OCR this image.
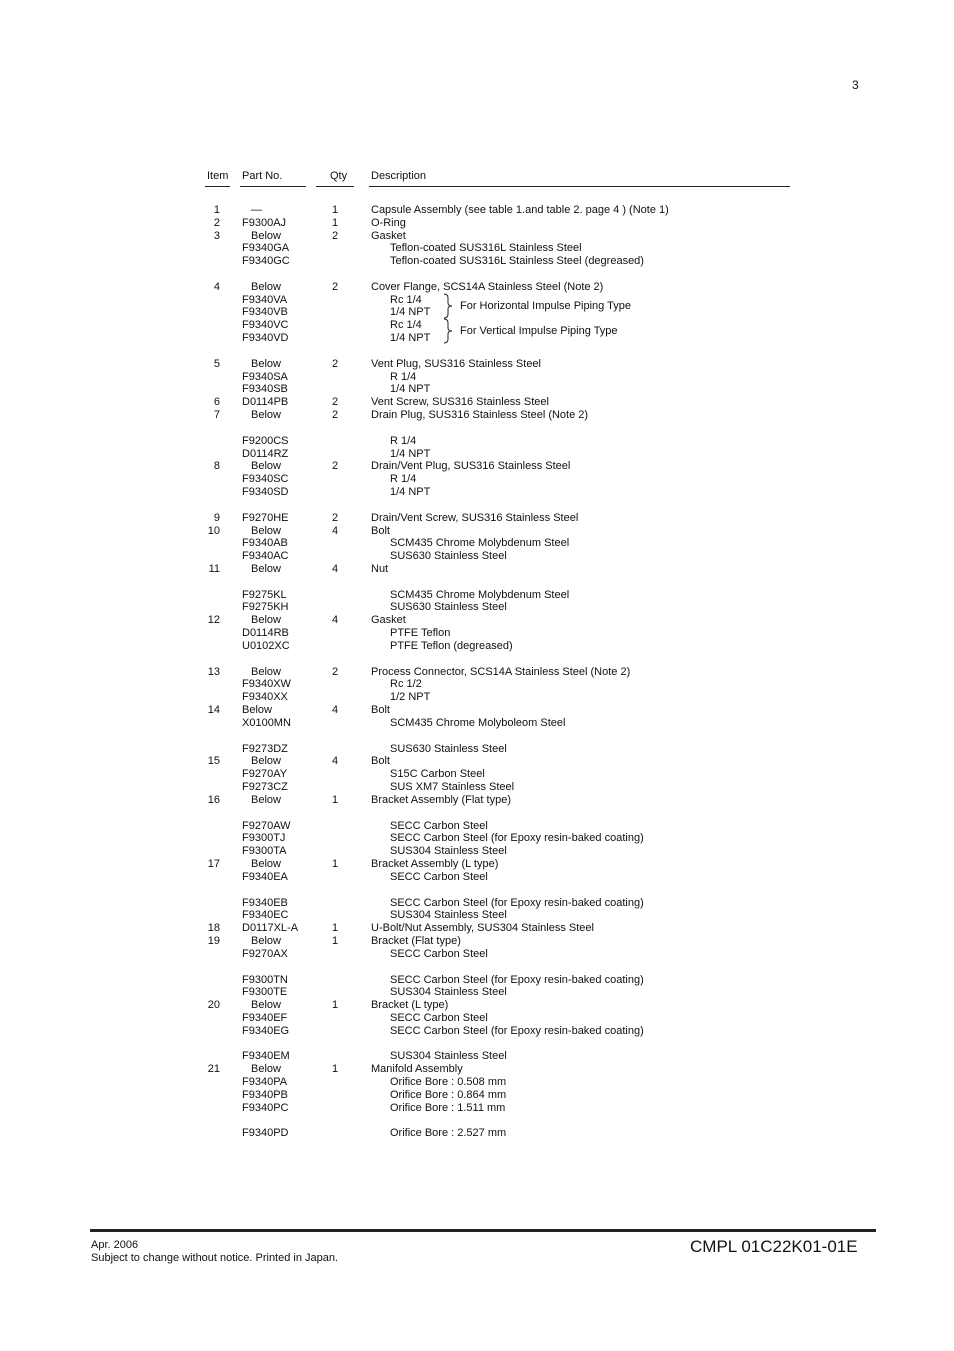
3
Item Part No.	Qty Description
1	—	1	Capsule Assembly (see table 1.and table 2. page 4 ) (Note 1)
2 F9300AJ	1	O-Ring
3	Below	2	Gasket
F9340GA	Teflon-coated SUS316L Stainless Steel
F9340GC	Teflon-coated SUS316L Stainless Steel (degreased)
4	Below	2	Cover Flange, SCS14A Stainless Steel (Note 2)
F9340VA	Rc 1/4
F9340VB	1/4 NPT
F9340VC	Rc 1/4
F9340VD	1/4 NPT
5	Below	2	Vent Plug, SUS316 Stainless Steel
F9340SA	R 1/4
F9340SB	1/4 NPT
6 D0114PB	2	Vent Screw, SUS316 Stainless Steel
7	Below	2	Drain Plug, SUS316 Stainless Steel (Note 2)
F9200CS	R 1/4
D0114RZ	1/4 NPT
8	Below	2	Drain/Vent Plug, SUS316 Stainless Steel
F9340SC	R 1/4
F9340SD	1/4 NPT
9 F9270HE	2	Drain/Vent Screw, SUS316 Stainless Steel
10	Below	4	Bolt
F9340AB	SCM435 Chrome Molybdenum Steel
F9340AC	SUS630 Stainless Steel
11	Below	4	Nut
F9275KL	SCM435 Chrome Molybdenum Steel
F9275KH	SUS630 Stainless Steel
12	Below	4	Gasket
D0114RB	PTFE Teflon
U0102XC	PTFE Teflon (degreased)
13	Below	2	Process Connector, SCS14A Stainless Steel (Note 2)
F9340XW	Rc 1/2
F9340XX	1/2 NPT
14 Below	4	Bolt
X0100MN	SCM435 Chrome Molyboleom Steel
F9273DZ	SUS630 Stainless Steel
15	Below	4	Bolt
F9270AY	S15C Carbon Steel
F9273CZ	SUS XM7 Stainless Steel
16	Below	1	Bracket Assembly (Flat type)
F9270AW	SECC Carbon Steel
F9300TJ	SECC Carbon Steel (for Epoxy resin-baked coating)
F9300TA	SUS304 Stainless Steel
17	Below	1	Bracket Assembly (L type)
F9340EA	SECC Carbon Steel
F9340EB	SECC Carbon Steel (for Epoxy resin-baked coating)
F9340EC	SUS304 Stainless Steel
18 D0117XL-A	1	U-Bolt/Nut Assembly, SUS304 Stainless Steel
19	Below	1	Bracket (Flat type)
F9270AX	SECC Carbon Steel
F9300TN	SECC Carbon Steel (for Epoxy resin-baked coating)
F9300TE	SUS304 Stainless Steel
20	Below	1	Bracket (L type)
F9340EF	SECC Carbon Steel
F9340EG	SECC Carbon Steel (for Epoxy resin-baked coating)
F9340EM	SUS304 Stainless Steel
21	Below	1	Manifold Assembly
F9340PA	Orifice Bore : 0.508 mm
F9340PB	Orifice Bore : 0.864 mm
F9340PC	Orifice Bore : 1.511 mm
F9340PD	Orifice Bore : 2.527 mm
For Horizontal Impulse Piping Type
For Vertical Impulse Piping Type
Apr. 2006
Subject to change without notice. Printed in Japan.
CMPL 01C22K01-01E
